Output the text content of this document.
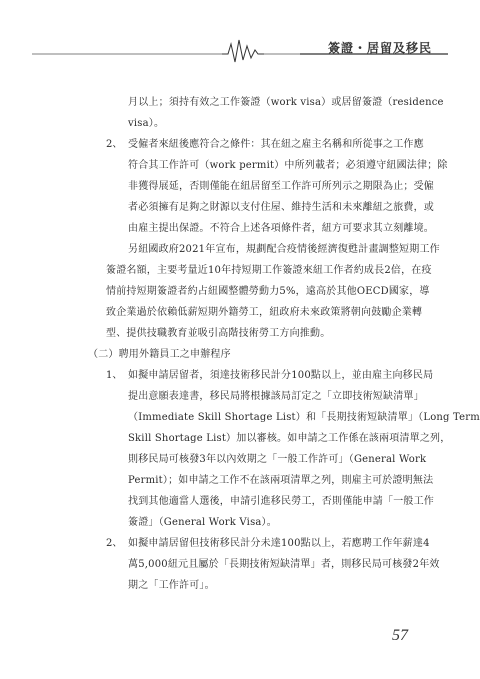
簽證・居留及移民
月以上；須持有效之工作簽證（work visa）或居留簽證（residence
visa）。
2、 受僱者來紐後應符合之條件：其在紐之雇主名稱和所從事之工作應
符合其工作許可（work permit）中所列載者；必須遵守紐國法律；除
非獲得展延，否則僅能在紐居留至工作許可所列示之期限為止；受僱
者必須擁有足夠之財源以支付住屋、維持生活和未來離紐之旅費，或
由雇主提出保證。不符合上述各項條件者，紐方可要求其立刻離境。
另紐國政府2021年宣布，規劃配合疫情後經濟復甦計畫調整短期工作
簽證名額，主要考量近10年持短期工作簽證來紐工作者約成長2倍，在疫
情前持短期簽證者約占紐國整體勞動力5%，遠高於其他OECD國家，導
致企業過於依賴低薪短期外籍勞工，紐政府未來政策將朝向鼓勵企業轉
型、提供技職教育並吸引高階技術勞工方向推動。
（二）聘用外籍員工之申辦程序
1、 如擬申請居留者，須達技術移民計分100點以上，並由雇主向移民局
提出意願表達書，移民局將根據該局訂定之「立即技術短缺清單」
（Immediate Skill Shortage List）和「長期技術短缺清單」（Long Term
Skill Shortage List）加以審核。如申請之工作係在該兩項清單之列，
則移民局可核發3年以內效期之「一般工作許可」（General Work
Permit）；如申請之工作不在該兩項清單之列，則雇主可於證明無法
找到其他適當人選後，申請引進移民勞工，否則僅能申請「一般工作
簽證」（General Work Visa）。
2、 如擬申請居留但技術移民計分未達100點以上，若應聘工作年薪達4
萬5,000紐元且屬於「長期技術短缺清單」者，則移民局可核發2年效
期之「工作許可」。
57
